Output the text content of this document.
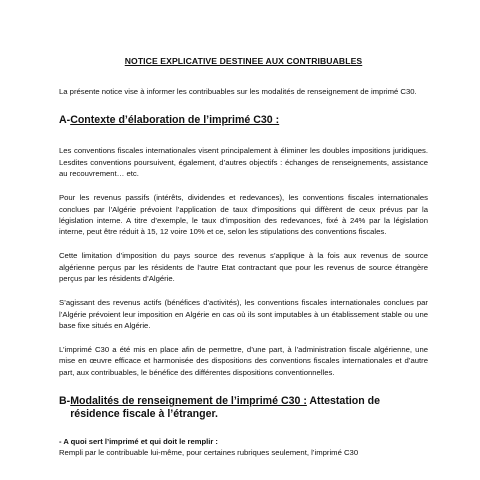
NOTICE EXPLICATIVE DESTINEE AUX CONTRIBUABLES

La présente notice vise à informer les contribuables sur les modalités de renseignement de imprimé C30.

A- Contexte d’élaboration de l’imprimé C30 :

Les conventions fiscales internationales visent principalement à éliminer les doubles impositions juridiques. Lesdites conventions poursuivent, également, d’autres objectifs : échanges de renseignements, assistance au recouvrement… etc.

Pour les revenus passifs (intérêts, dividendes et redevances), les conventions fiscales internationales conclues par l’Algérie prévoient l’application de taux d’impositions qui diffèrent de ceux prévus par la législation interne. A titre d’exemple, le taux d’imposition des redevances, fixé à 24% par la législation interne, peut être réduit à 15, 12 voire 10% et ce, selon les stipulations des conventions fiscales.

Cette limitation d’imposition du pays source des revenus s’applique à la fois aux revenus de source algérienne perçus par les résidents de l’autre Etat contractant que pour les revenus de source étrangère perçus par les résidents d’Algérie.

S’agissant des revenus actifs (bénéfices d’activités), les conventions fiscales internationales conclues par l’Algérie prévoient leur imposition en Algérie en cas où ils sont imputables à un établissement stable ou une base fixe situés en Algérie.

L’imprimé C30 a été mis en place afin de permettre, d’une part, à l’administration fiscale algérienne, une mise en œuvre efficace et harmonisée des dispositions des conventions fiscales internationales et d’autre part, aux contribuables, le bénéfice des différentes dispositions conventionnelles.

B- Modalités de renseignement de l’imprimé C30 : Attestation de résidence fiscale à l’étranger.
- A quoi sert l’imprimé et qui doit le remplir :

Rempli par le contribuable lui-même, pour certaines rubriques seulement, l’imprimé C30
